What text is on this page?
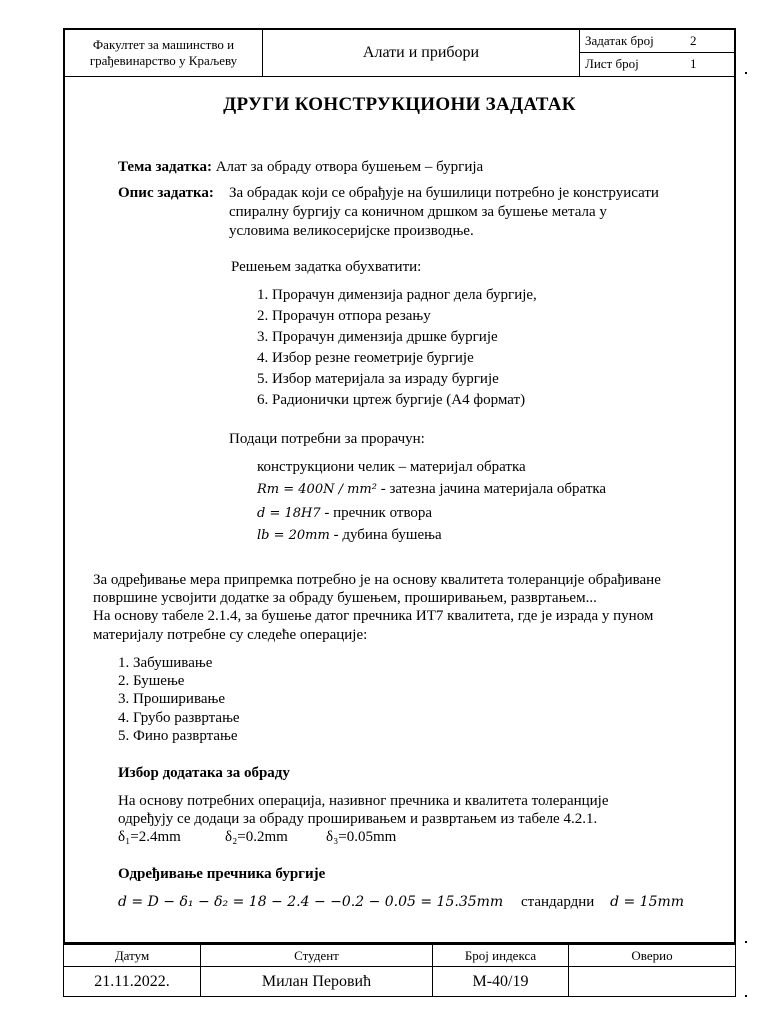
Факултет за машинство и
грађевинарство у Краљеву	Алати и прибори
Задатак број	2
Лист број	1
ДРУГИ КОНСТРУКЦИОНИ ЗАДАТАК
Тема задатка: Алат за обраду отвора бушењем – бургија
Опис задатка: За обрадак који се обрађује на бушилици потребно је конструисати
спиралну бургију са коничном дршком за бушење метала у
условима великосеријске производње.
Решењем задатка обухватити:
1. Прорачун димензија радног дела бургије,
2. Прорачун отпора резању
3. Прорачун димензија дршке бургије
4. Избор резне геометрије бургије
5. Избор материјала за израду бургије
6. Радионички цртеж бургије (А4 формат)
Подаци потребни за прорачун:
конструкциони челик – материјал обратка
Rm = 400N / mm² - затезна јачина материјала обратка
d = 18H7 - пречник отвора
lb = 20mm - дубина бушења
За одређивање мера припремка потребно је на основу квалитета толеранције обрађиване
површине усвојити додатке за обраду бушењем, проширивањем, развртањем...
На основу табеле 2.1.4, за бушење датог пречника ИТ7 квалитета, где је израда у пуном
материјалу потребне су следеће операције:
1. Забушивање
2. Бушење
3. Проширивање
4. Грубо развртање
5. Фино развртање
Избор додатака за обраду
На основу потребних операција, називног пречника и квалитета толеранције
одређују се додаци за обраду проширивањем и развртањем из табеле 4.2.1.
δ₁=2.4mm	δ₂=0.2mm	δ₃=0.05mm
Одређивање пречника бургије
d = D − δ₁ − δ₂ = 18 − 2.4 − −0.2 − 0.05 = 15.35mm стандардни d = 15mm
Датум	Студент	Број индекса	Оверио
21.11.2022.	Милан Перовић	М-40/19	
